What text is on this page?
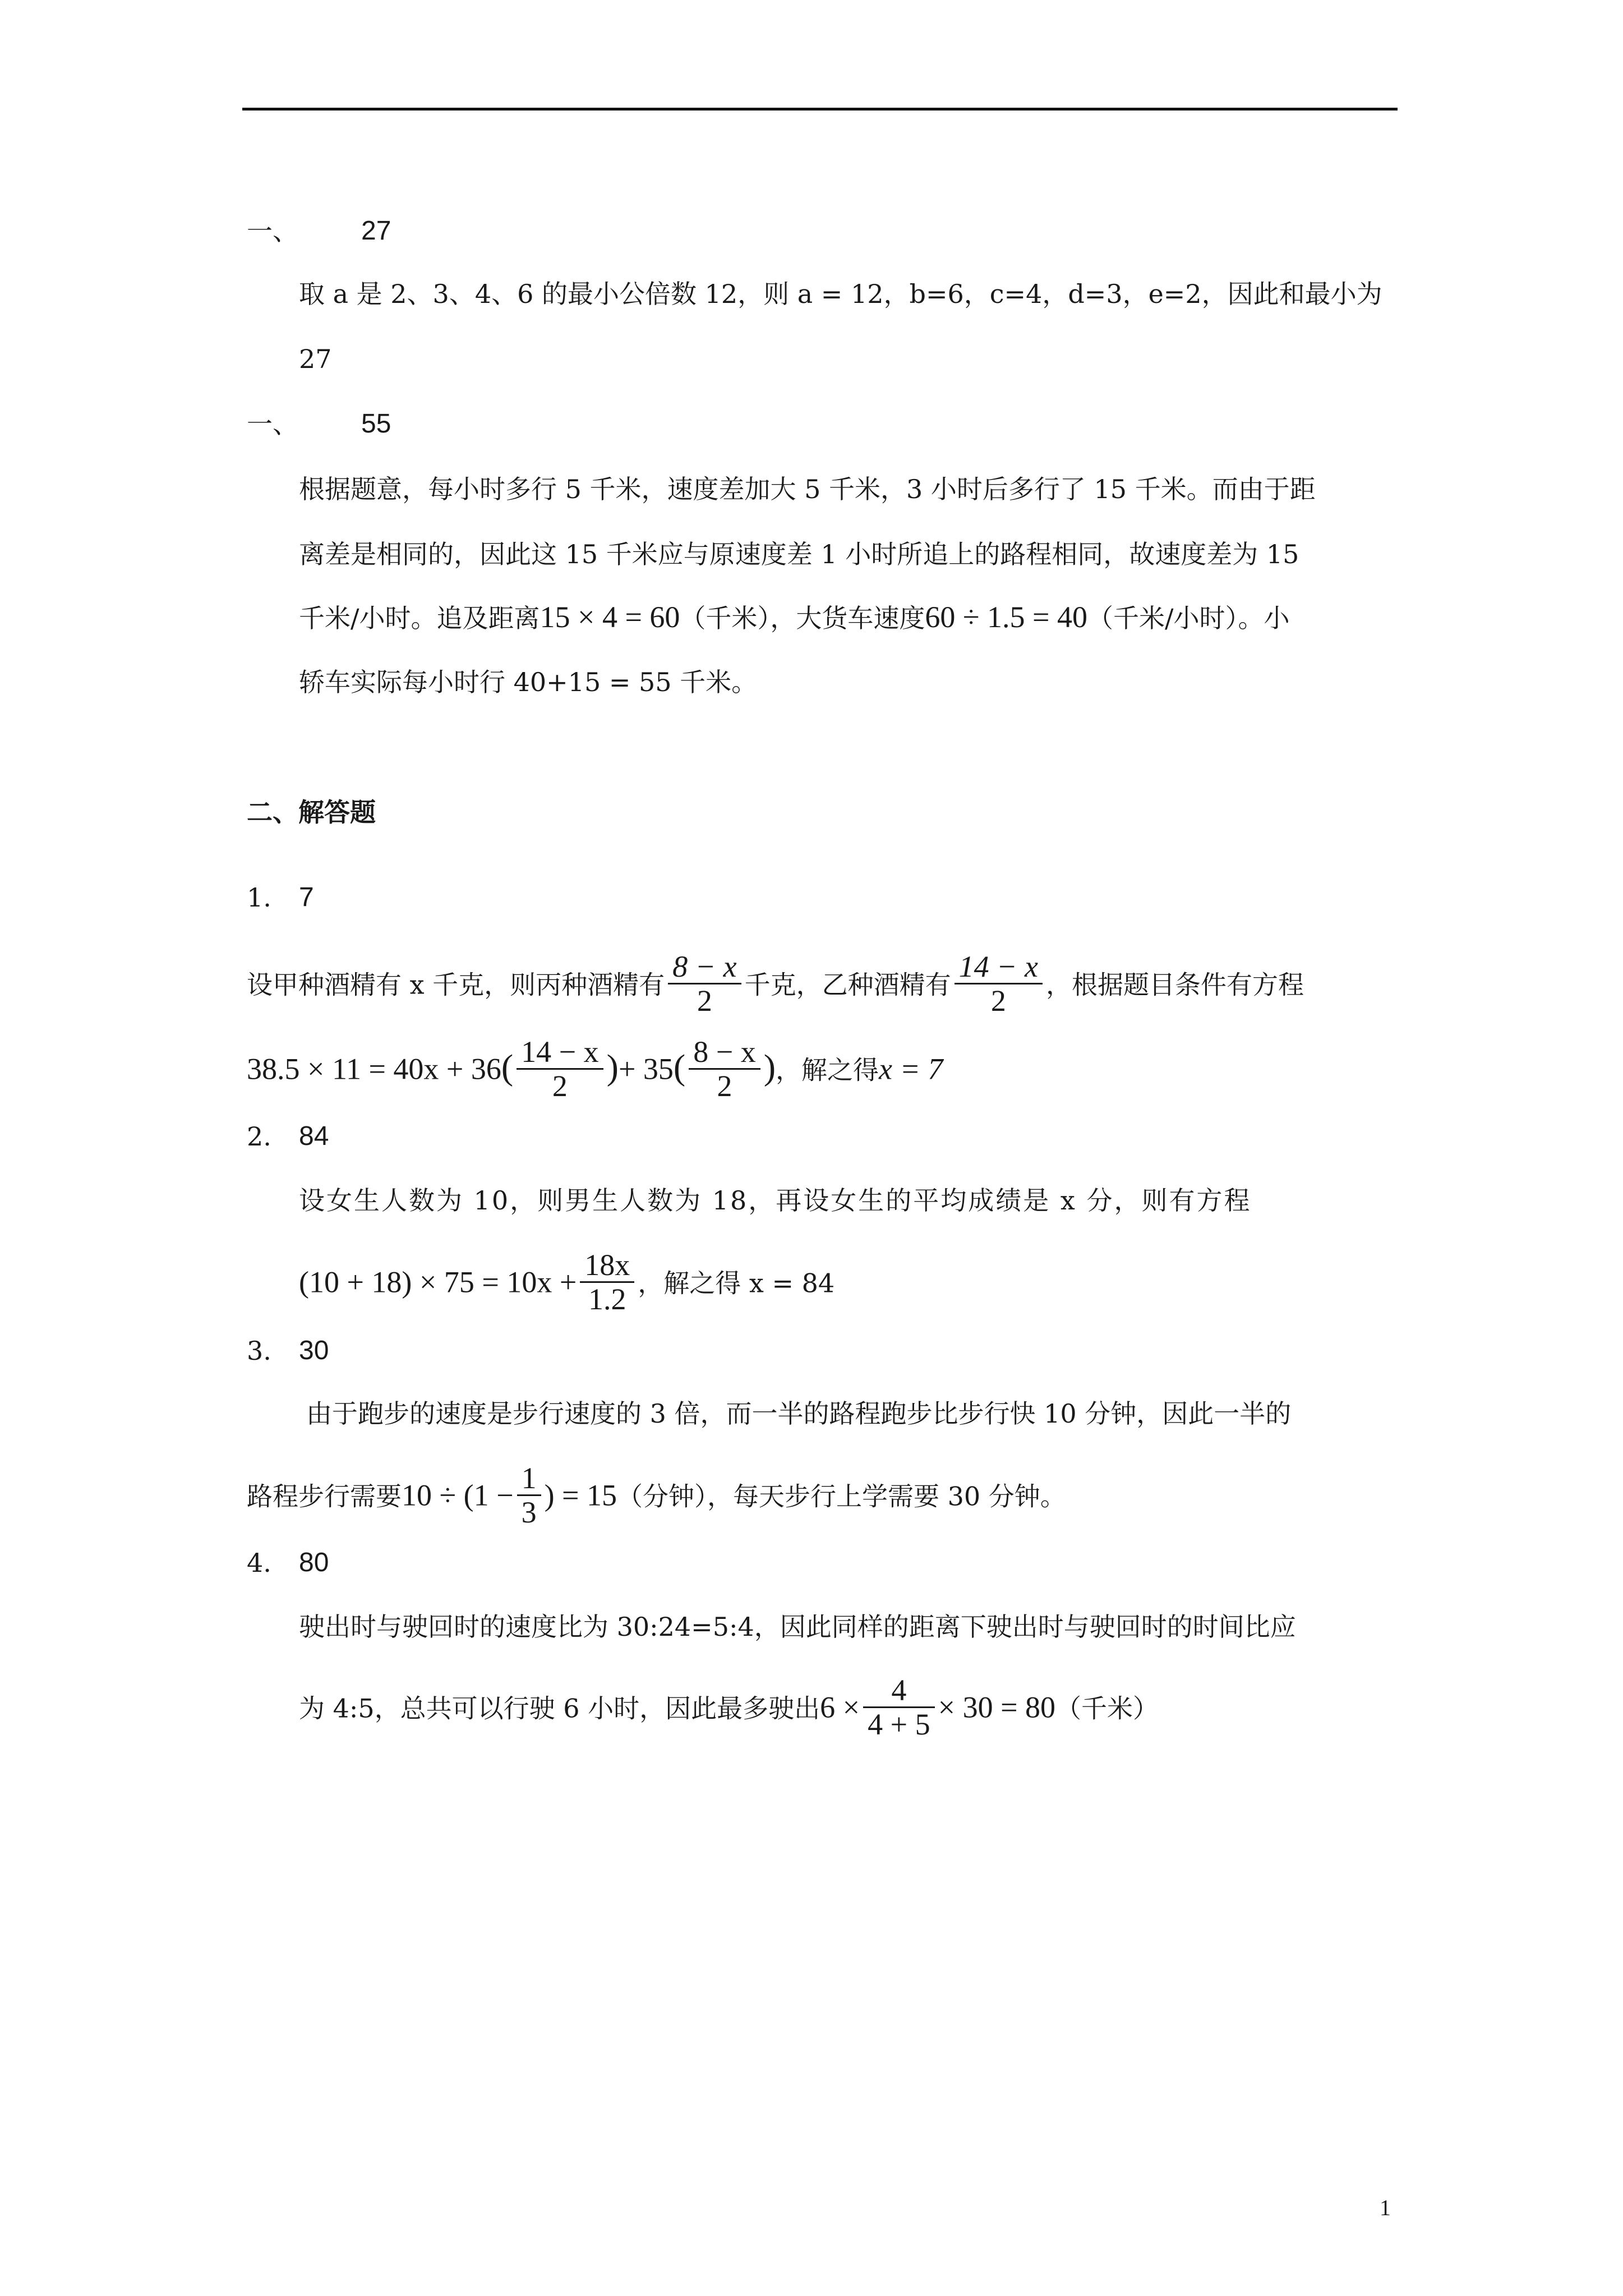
一、 27
取 a 是 2、3、4、6 的最小公倍数 12，则 a = 12，b=6，c=4，d=3，e=2，因此和最小为
27
一、 55
根据题意，每小时多行 5 千米，速度差加大 5 千米，3 小时后多行了 15 千米。而由于距
离差是相同的，因此这 15 千米应与原速度差 1 小时所追上的路程相同，故速度差为 15
千米/小时。追及距离15 × 4 = 60（千米），大货车速度60 ÷ 1.5 = 40（千米/小时）。小
轿车实际每小时行 40+15 = 55 千米。
二、解答题
1. 7
设甲种酒精有 x 千克，则丙种酒精有 $\frac{8 - x}{2}$ 千克，乙种酒精有 $\frac{14 - x}{2}$ ，根据题目条件有方程
$38.5 \times 11 = 40x + 36( \frac{14 - x}{2}$ )+ $35( \frac{8 - x}{2}$ )，解之得x = 7
2. 84
设女生人数为 10，则男生人数为 18，再设女生的平均成绩是 x 分，则有方程
$(10 + 18) \times 75 = 10x + \frac{18x}{1.2}$ ，解之得 x = 84
3. 30
由于跑步的速度是步行速度的 3 倍，而一半的路程跑步比步行快 10 分钟，因此一半的
路程步行需要$10 \div (1 - \frac{1}{3}$ ) = 15（分钟），每天步行上学需要 30 分钟。
4. 80
驶出时与驶回时的速度比为 30:24=5:4，因此同样的距离下驶出时与驶回时的时间比应
为 4:5，总共可以行驶 6 小时，因此最多驶出$6 \times \frac{4}{4 + 5} \times 30 = 80$（千米）
1
